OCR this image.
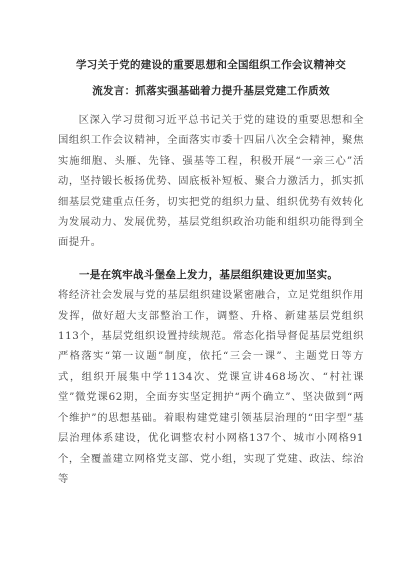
学习关于党的建设的重要思想和全国组织工作会议精神交
流发言：抓落实强基础着力提升基层党建工作质效

区深入学习贯彻习近平总书记关于党的建设的重要思想和全国组织工作会议精神，全面落实市委十四届八次全会精神，聚焦实施细胞、头雁、先锋、强基等工程，积极开展“一亲三心”活动，坚持锻长板扬优势、固底板补短板、聚合力激活力，抓实抓细基层党建重点任务，切实把党的组织力量、组织优势有效转化为发展动力、发展优势，基层党组织政治功能和组织功能得到全面提升。

一是在筑牢战斗堡垒上发力，基层组织建设更加坚实。

将经济社会发展与党的基层组织建设紧密融合，立足党组织作用发挥，做好超大支部整治工作，调整、升格、新建基层党组织113个，基层党组织设置持续规范。常态化指导督促基层党组织严格落实“第一议题”制度，依托“三会一课”、主题党日等方式，组织开展集中学1134次、党课宣讲468场次、“村社课堂”微党课62期，全面夯实坚定拥护“两个确立”、坚决做到“两个维护”的思想基础。着眼构建党建引领基层治理的“田字型”基层治理体系建设，优化调整农村小网格137个、城市小网格91个，全覆盖建立网格党支部、党小组，实现了党建、政法、综治等
